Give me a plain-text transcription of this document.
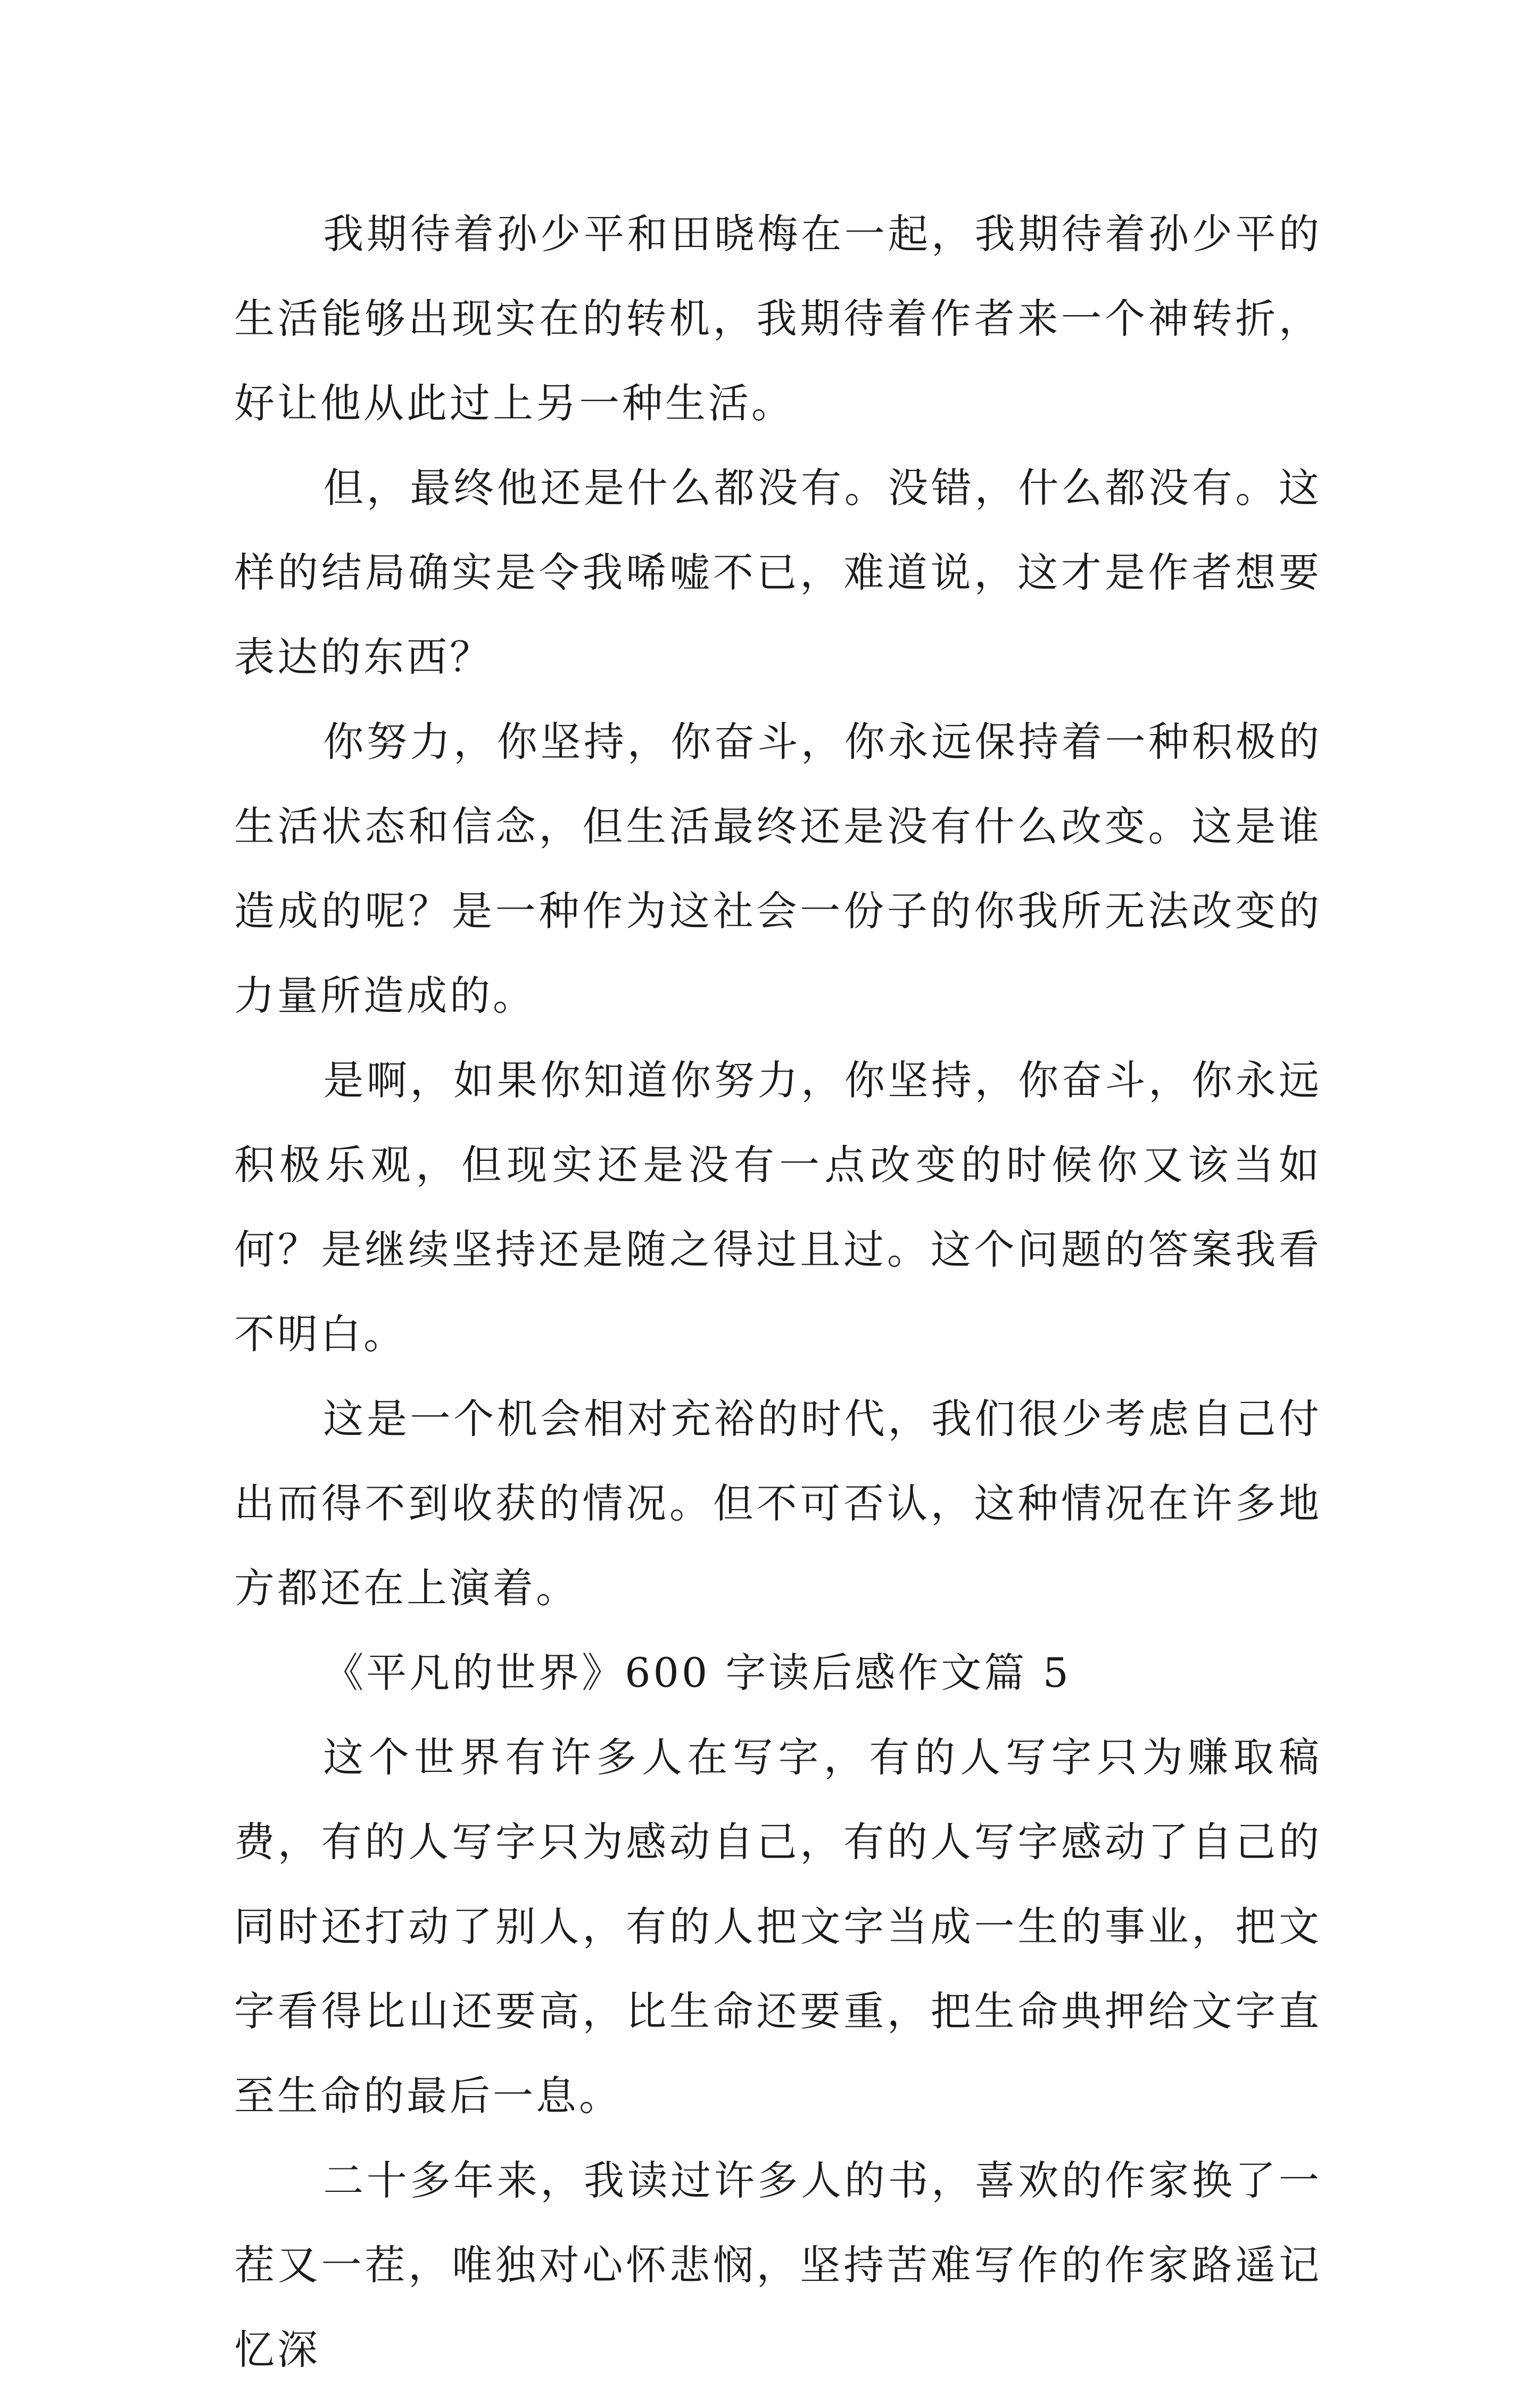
我期待着孙少平和田晓梅在一起，我期待着孙少平的生活能够出现实在的转机，我期待着作者来一个神转折，好让他从此过上另一种生活。

但，最终他还是什么都没有。没错，什么都没有。这样的结局确实是令我唏嘘不已，难道说，这才是作者想要表达的东西？

你努力，你坚持，你奋斗，你永远保持着一种积极的生活状态和信念，但生活最终还是没有什么改变。这是谁造成的呢？是一种作为这社会一份子的你我所无法改变的力量所造成的。

是啊，如果你知道你努力，你坚持，你奋斗，你永远积极乐观，但现实还是没有一点改变的时候你又该当如何？是继续坚持还是随之得过且过。这个问题的答案我看不明白。

这是一个机会相对充裕的时代，我们很少考虑自己付出而得不到收获的情况。但不可否认，这种情况在许多地方都还在上演着。

《平凡的世界》600 字读后感作文篇 5

这个世界有许多人在写字，有的人写字只为赚取稿费，有的人写字只为感动自己，有的人写字感动了自己的同时还打动了别人，有的人把文字当成一生的事业，把文字看得比山还要高，比生命还要重，把生命典押给文字直至生命的最后一息。

二十多年来，我读过许多人的书，喜欢的作家换了一茬又一茬，唯独对心怀悲悯，坚持苦难写作的作家路遥记忆深
